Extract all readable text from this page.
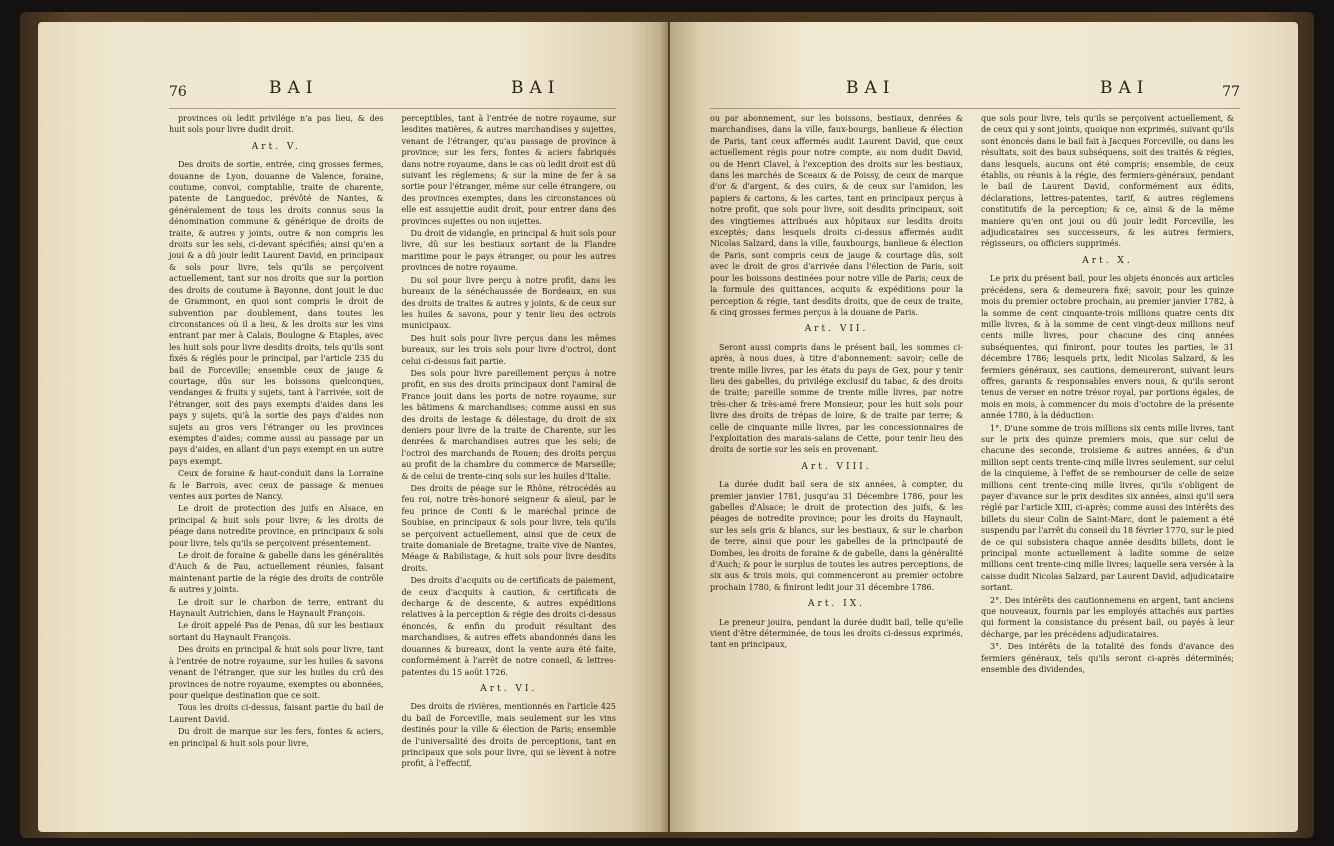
76	BAI	BAI

provinces où ledit privilége n'a pas lieu, & des huit sols pour livre dudit droit.

Art. V.

Des droits de sortie, entrée, cinq grosses fermes, douanne de Lyon, douanne de Valence, foraine, coutume, convoi, comptablie, traite de charente, patente de Languedoc, prévôté de Nantes, & généralement de tous les droits connus sous la dénomination commune & générique de droits de traite, & autres y joints, outre & non compris les droits sur les sels, ci-devant spécifiés; ainsi qu'en a joui & a dû jouir ledit Laurent David, en principaux & sols pour livre, tels qu'ils se perçoivent actuellement, tant sur nos droits que sur la portion des droits de coutume à Bayonne, dont jouit le duc de Grammont, en quoi sont compris le droit de subvention par doublement, dans toutes les circonstances où il a lieu, & les droits sur les vins entrant par mer à Calais, Boulogne & Etaples, avec les huit sols pour livre desdits droits, tels qu'ils sont fixés & réglés pour le principal, par l'article 235 du bail de Forceville; ensemble ceux de jauge & courtage, dûs sur les boissons quelconques, vendanges & fruits y sujets, tant à l'arrivée, soit de l'étranger, soit des pays exempts d'aides dans les pays y sujets, qu'à la sortie des pays d'aides non sujets au gros vers l'étranger ou les provinces exemptes d'aides; comme aussi au passage par un pays d'aides, en allant d'un pays exempt en un autre pays exempt.

Ceux de foraine & haut-conduit dans la Lorraine & le Barrois, avec ceux de passage & menues ventes aux portes de Nancy.

Le droit de protection des juifs en Alsace, en principal & huit sols pour livre; & les droits de péage dans notredite province, en principaux & sols pour livre, tels qu'ils se perçoivent présentement.

Le droit de foraine & gabelle dans les généralités d'Auch & de Pau, actuellement réunies, faisant maintenant partie de la régie des droits de contrôle & autres y joints.

Le droit sur le charbon de terre, entrant du Haynault Autrichien, dans le Haynault François.

Le droit appelé Pas de Penas, dû sur les bestiaux sortant du Haynault François.

Des droits en principal & huit sols pour livre, tant à l'entrée de notre royaume, sur les huiles & savons venant de l'étranger, que sur les huiles du crû des provinces de notre royaume, exemptes ou abonnées, pour quelque destination que ce soit.

Tous les droits ci-dessus, faisant partie du bail de Laurent David.

Du droit de marque sur les fers, fontes & aciers, en principal & huit sols pour livre,

perceptibles, tant à l'entrée de notre royaume, sur lesdites matières, & autres marchandises y sujettes, venant de l'étranger, qu'au passage de province à province; sur les fers, fontes & aciers fabriqués dans notre royaume, dans le cas où ledit droit est dû suivant les réglemens; & sur la mine de fer à sa sortie pour l'étranger, même sur celle étrangere, ou des provinces exemptes, dans les circonstances où elle est assujettie audit droit, pour entrer dans des provinces sujettes ou non sujettes.

Du droit de vidangle, en principal & huit sols pour livre, dû sur les bestiaux sortant de la Flandre maritime pour le pays étranger, ou pour les autres provinces de notre royaume.

Du sol pour livre perçu à notre profit, dans les bureaux de la sénéchaussée de Bordeaux, en sus des droits de traites & autres y joints, & de ceux sur les huiles & savons, pour y tenir lieu des octrois municipaux.

Des huit sols pour livre perçus dans les mêmes bureaux, sur les trois sols pour livre d'octroi, dont celui ci-dessus fait partie.

Des sols pour livre pareillement perçus à notre profit, en sus des droits principaux dont l'amiral de France jouit dans les ports de notre royaume, sur les bâtimens & marchandises; comme aussi en sus des droits de lestage & délestage, du droit de six deniers pour livre de la traite de Charente, sur les denrées & marchandises autres que les sels; de l'octroi des marchands de Rouen; des droits perçus au profit de la chambre du commerce de Marseille; & de celui de trente-cinq sols sur les huiles d'Italie.

Des droits de péage sur le Rhône, rétrocédés au feu roi, notre très-honoré seigneur & aïeul, par le feu prince de Conti & le maréchal prince de Soubise, en principaux & sols pour livre, tels qu'ils se perçoivent actuellement, ainsi que de ceux de traite domaniale de Bretagne, traite vive de Nantes, Méage & Rabilistage, & huit sols pour livre desdits droits.

Des droits d'acquits ou de certificats de paiement, de ceux d'acquits à caution, & certificats de decharge & de descente, & autres expéditions relatives à la perception & régie des droits ci-dessus énoncés, & enfin du produit résultant des marchandises, & autres effets abandonnés dans les douannes & bureaux, dont la vente aura été faite, conformément à l'arrêt de notre conseil, & lettres-patentes du 15 août 1726.

Art. VI.

Des droits de rivières, mentionnés en l'article 425 du bail de Forceville, mais seulement sur les vins destinés pour la ville & élection de Paris; ensemble de l'universalité des droits de perceptions, tant en principaux que sols pour livre, qui se lèvent à notre profit, à l'effectif,

BAI	BAI	77

ou par abonnement, sur les boissons, bestiaux, denrées & marchandises, dans la ville, faux-bourgs, banlieue & élection de Paris, tant ceux affermés audit Laurent David, que ceux actuellement régis pour notre compte, au nom dudit David, ou de Henri Clavel, à l'exception des droits sur les bestiaux, dans les marchés de Sceaux & de Poissy, de ceux de marque d'or & d'argent, & des cuirs, & de ceux sur l'amidon, les papiers & cartons, & les cartes, tant en principaux perçus à notre profit, que sols pour livre, soit desdits principaux, soit des vingtiemes attribués aux hôpitaux sur lesdits droits exceptés; dans lesquels droits ci-dessus affermés audit Nicolas Salzard, dans la ville, fauxbourgs, banlieue & élection de Paris, sont compris ceux de jauge & courtage dûs, soit avec le droit de gros d'arrivée dans l'élection de Paris, soit pour les boissons destinées pour notre ville de Paris; ceux de la formule des quittances, acquits & expéditions pour la perception & régie, tant desdits droits, que de ceux de traite, & cinq grosses fermes perçus à la douane de Paris.

Art. VII.

Seront aussi compris dans le présent bail, les sommes ci-après, à nous dues, à titre d'abonnement: savoir; celle de trente mille livres, par les états du pays de Gex, pour y tenir lieu des gabelles, du privilége exclusif du tabac, & des droits de traite; pareille somme de trente mille livres, par notre très-cher & très-amé frere Monsieur, pour les huit sols pour livre des droits de trépas de loire, & de traite par terre; & celle de cinquante mille livres, par les concessionnaires de l'exploitation des marais-salans de Cette, pour tenir lieu des droits de sortie sur les sels en provenant.

Art. VIII.

La durée dudit bail sera de six années, à compter, du premier janvier 1781, jusqu'au 31 Décembre 1786, pour les gabelles d'Alsace; le droit de protection des juifs, & les péages de notredite province; pour les droits du Haynault, sur les sels gris & blancs, sur les bestiaux, & sur le charbon de terre, ainsi que pour les gabelles de la principauté de Dombes, les droits de foraine & de gabelle, dans la généralité d'Auch; & pour le surplus de toutes les autres perceptions, de six aus & trois mois, qui commenceront au premier octobre prochain 1780, & finiront ledit jour 31 décembre 1786.

Art. IX.

Le preneur jouira, pendant la durée dudit bail, telle qu'elle vient d'être déterminée, de tous les droits ci-dessus exprimés, tant en principaux,

que sols pour livre, tels qu'ils se perçoivent actuellement, & de ceux qui y sont joints, quoique non exprimés, suivant qu'ils sont énoncés dans le bail fait à Jacques Forceville, ou dans les résultats, soit des baux subséquens, soit des traités & régies, dans lesquels, aucuns ont été compris; ensemble, de ceux établis, ou réunis à la régie, des fermiers-généraux, pendant le bail de Laurent David, conformément aux édits, déclarations, lettres-patentes, tarif, & autres réglemens constitutifs de la perception; & ce, ainsi & de la même maniere qu'en ont joui ou dû jouir ledit Forceville, les adjudicataires ses successeurs, & les autres fermiers, régisseurs, ou officiers supprimés.

Art. X.

Le prix du présent bail, pour les objets énoncés aux articles précédens, sera & demeurera fixé; savoir, pour les quinze mois du premier octobre prochain, au premier janvier 1782, à la somme de cent cinquante-trois millions quatre cents dix mille livres, & à la somme de cent vingt-deux millions neuf cents mille livres, pour chacune des cinq années subséquentes, qui finiront, pour toutes les parties, le 31 décembre 1786; lesquels prix, ledit Nicolas Salzard, & les fermiers généraux, ses cautions, demeureront, suivant leurs offres, garants & responsables envers nous, & qu'ils seront tenus de verser en notre trésor royal, par portions égales, de mois en mois, à commencer du mois d'octobre de la présente année 1780, à la déduction:

1°. D'une somme de trois millions six cents mille livres, tant sur le prix des quinze premiers mois, que sur celui de chacune des seconde, troisieme & autres années, & d'un million sept cents trente-cinq mille livres seulement, sur celui de la cinquieme, à l'effet de se rembourser de celle de seize millions cent trente-cinq mille livres, qu'ils s'obligent de payer d'avance sur le prix desdites six années, ainsi qu'il sera réglé par l'article XIII, ci-après; comme aussi des intérêts des billets du sieur Colin de Saint-Marc, dont le paiement a été suspendu par l'arrêt du conseil du 18 février 1770, sur le pied de ce qui subsistera chaque année desdits billets, dont le principal monte actuellement à ladite somme de seize millions cent trente-cinq mille livres; laquelle sera versée à la caisse dudit Nicolas Salzard, par Laurent David, adjudicataire sortant.

2°. Des intérêts des cautionnemens en argent, tant anciens que nouveaux, fournis par les employés attachés aux parties qui forment la consistance du présent bail, ou payés à leur décharge, par les précédens adjudicataires.

3°. Des intérêts de la totalité des fonds d'avance des fermiers généraux, tels qu'ils seront ci-après déterminés; ensemble des dividendes,
